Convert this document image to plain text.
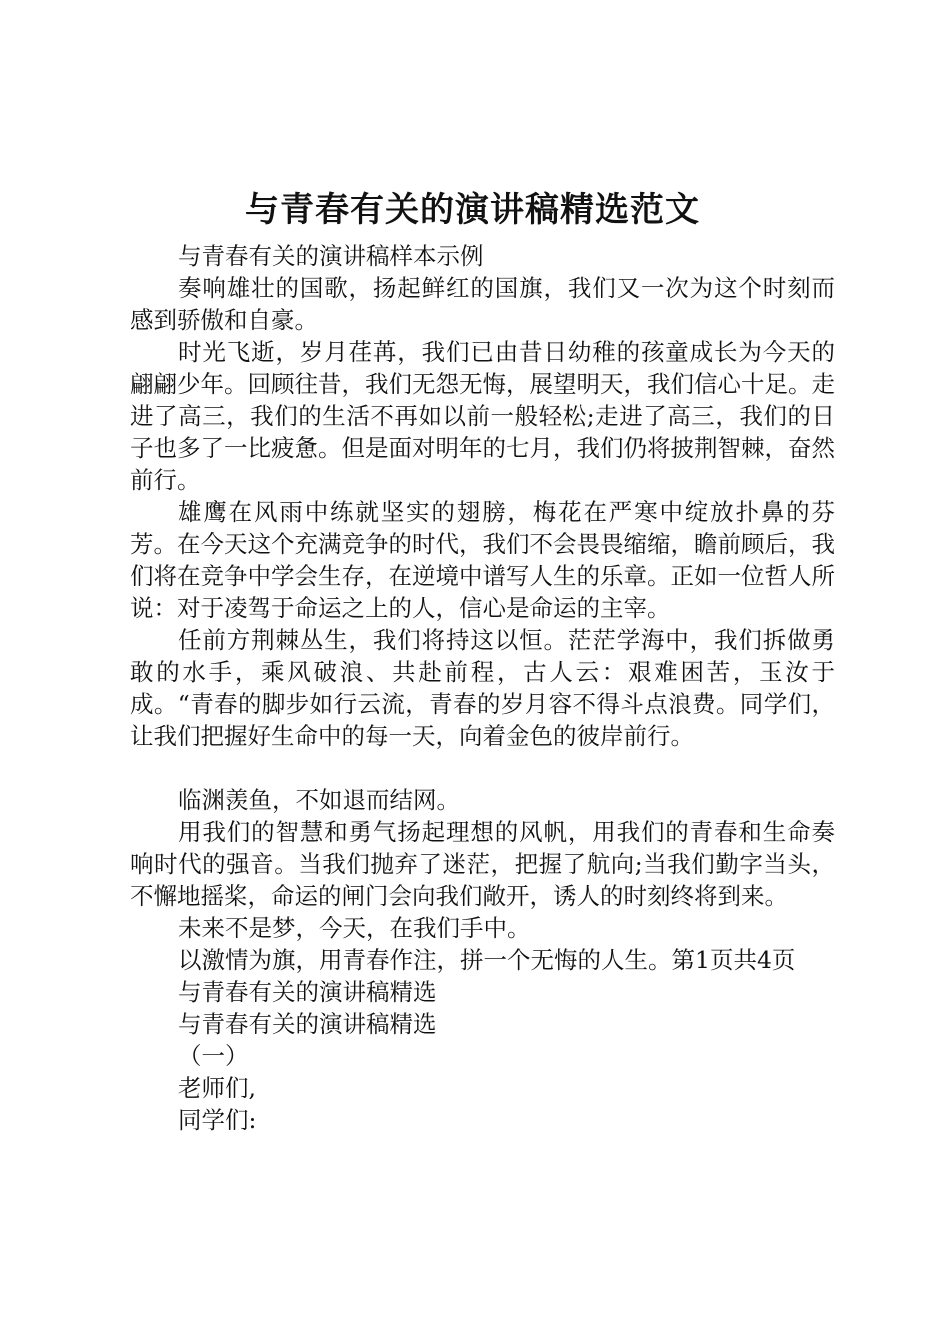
与青春有关的演讲稿精选范文

与青春有关的演讲稿样本示例

奏响雄壮的国歌，扬起鲜红的国旗，我们又一次为这个时刻而感到骄傲和自豪。

时光飞逝，岁月荏苒，我们已由昔日幼稚的孩童成长为今天的翩翩少年。回顾往昔，我们无怨无悔，展望明天，我们信心十足。走进了高三，我们的生活不再如以前一般轻松;走进了高三，我们的日子也多了一比疲惫。但是面对明年的七月，我们仍将披荆智棘，奋然前行。

雄鹰在风雨中练就坚实的翅膀，梅花在严寒中绽放扑鼻的芬芳。在今天这个充满竞争的时代，我们不会畏畏缩缩，瞻前顾后，我们将在竞争中学会生存，在逆境中谱写人生的乐章。正如一位哲人所说：对于凌驾于命运之上的人，信心是命运的主宰。

任前方荆棘丛生，我们将持这以恒。茫茫学海中，我们拆做勇敢的水手，乘风破浪、共赴前程，古人云：艰难困苦，玉汝于成。“青春的脚步如行云流，青春的岁月容不得斗点浪费。同学们，让我们把握好生命中的每一天，向着金色的彼岸前行。

临渊羡鱼，不如退而结网。

用我们的智慧和勇气扬起理想的风帆，用我们的青春和生命奏响时代的强音。当我们抛弃了迷茫，把握了航向;当我们勤字当头，不懈地摇桨，命运的闸门会向我们敞开，诱人的时刻终将到来。

未来不是梦，今天，在我们手中。

以激情为旗，用青春作注，拼一个无悔的人生。第1页共4页

与青春有关的演讲稿精选

与青春有关的演讲稿精选

（一）

老师们,

同学们:
